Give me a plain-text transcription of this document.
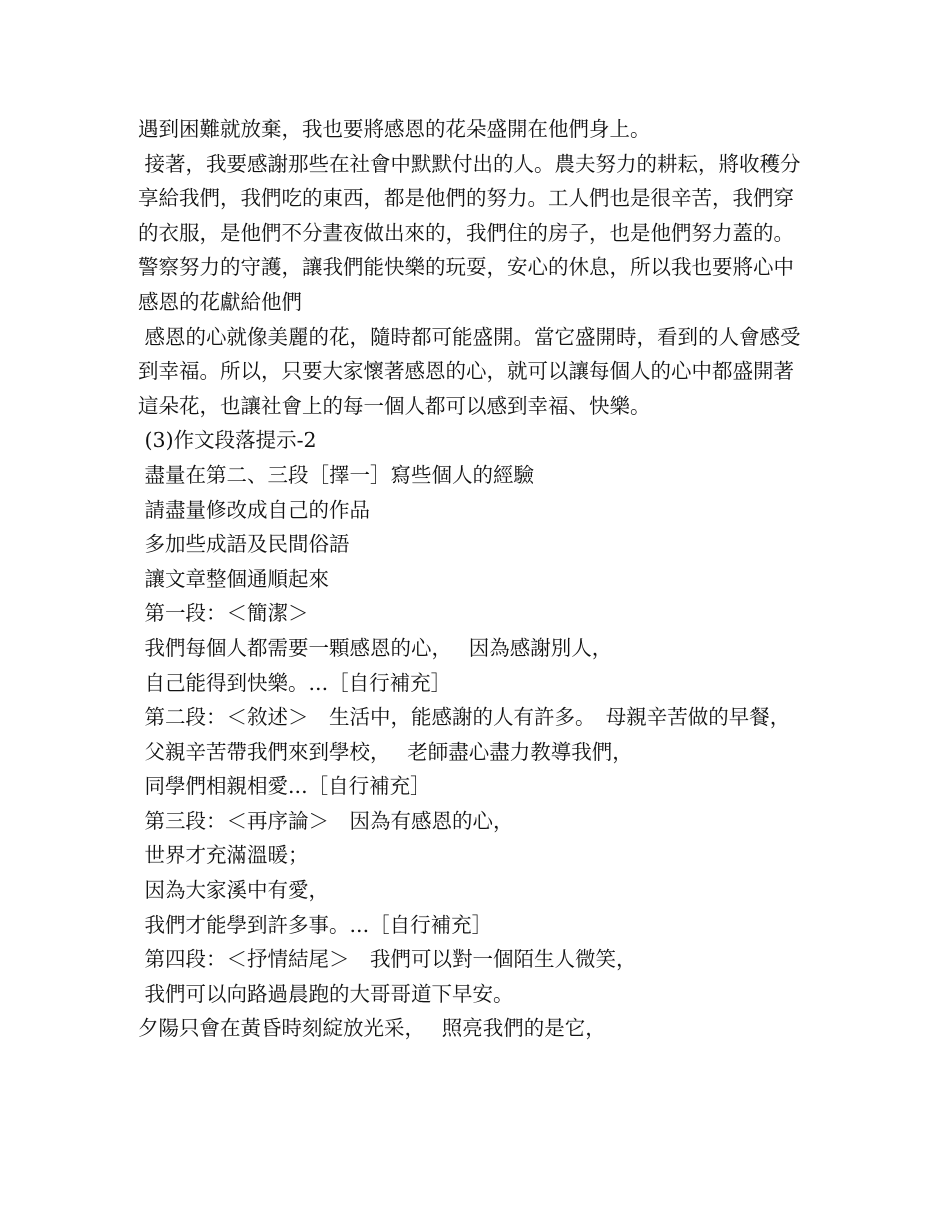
遇到困難就放棄，我也要將感恩的花朵盛開在他們身上。

接著，我要感謝那些在社會中默默付出的人。農夫努力的耕耘，將收穫分享給我們，我們吃的東西，都是他們的努力。工人們也是很辛苦，我們穿的衣服，是他們不分晝夜做出來的，我們住的房子，也是他們努力蓋的。警察努力的守護，讓我們能快樂的玩耍，安心的休息，所以我也要將心中感恩的花獻給他們

感恩的心就像美麗的花，隨時都可能盛開。當它盛開時，看到的人會感受到幸福。所以，只要大家懷著感恩的心，就可以讓每個人的心中都盛開著這朵花，也讓社會上的每一個人都可以感到幸福、快樂。

(3)作文段落提示-2

盡量在第二、三段［擇一］寫些個人的經驗

請盡量修改成自己的作品

多加些成語及民間俗語

讓文章整個通順起來

第一段：＜簡潔＞

我們每個人都需要一顆感恩的心，　 因為感謝別人，

自己能得到快樂。...［自行補充］

第二段：＜敘述＞　生活中，能感謝的人有許多。　母親辛苦做的早餐，

父親辛苦帶我們來到學校，　 老師盡心盡力教導我們，

同學們相親相愛...［自行補充］

第三段：＜再序論＞　因為有感恩的心，

世界才充滿溫暖；

因為大家溪中有愛，

我們才能學到許多事。...［自行補充］

第四段：＜抒情結尾＞　我們可以對一個陌生人微笑，

我們可以向路過晨跑的大哥哥道下早安。

夕陽只會在黃昏時刻綻放光采，　 照亮我們的是它，
